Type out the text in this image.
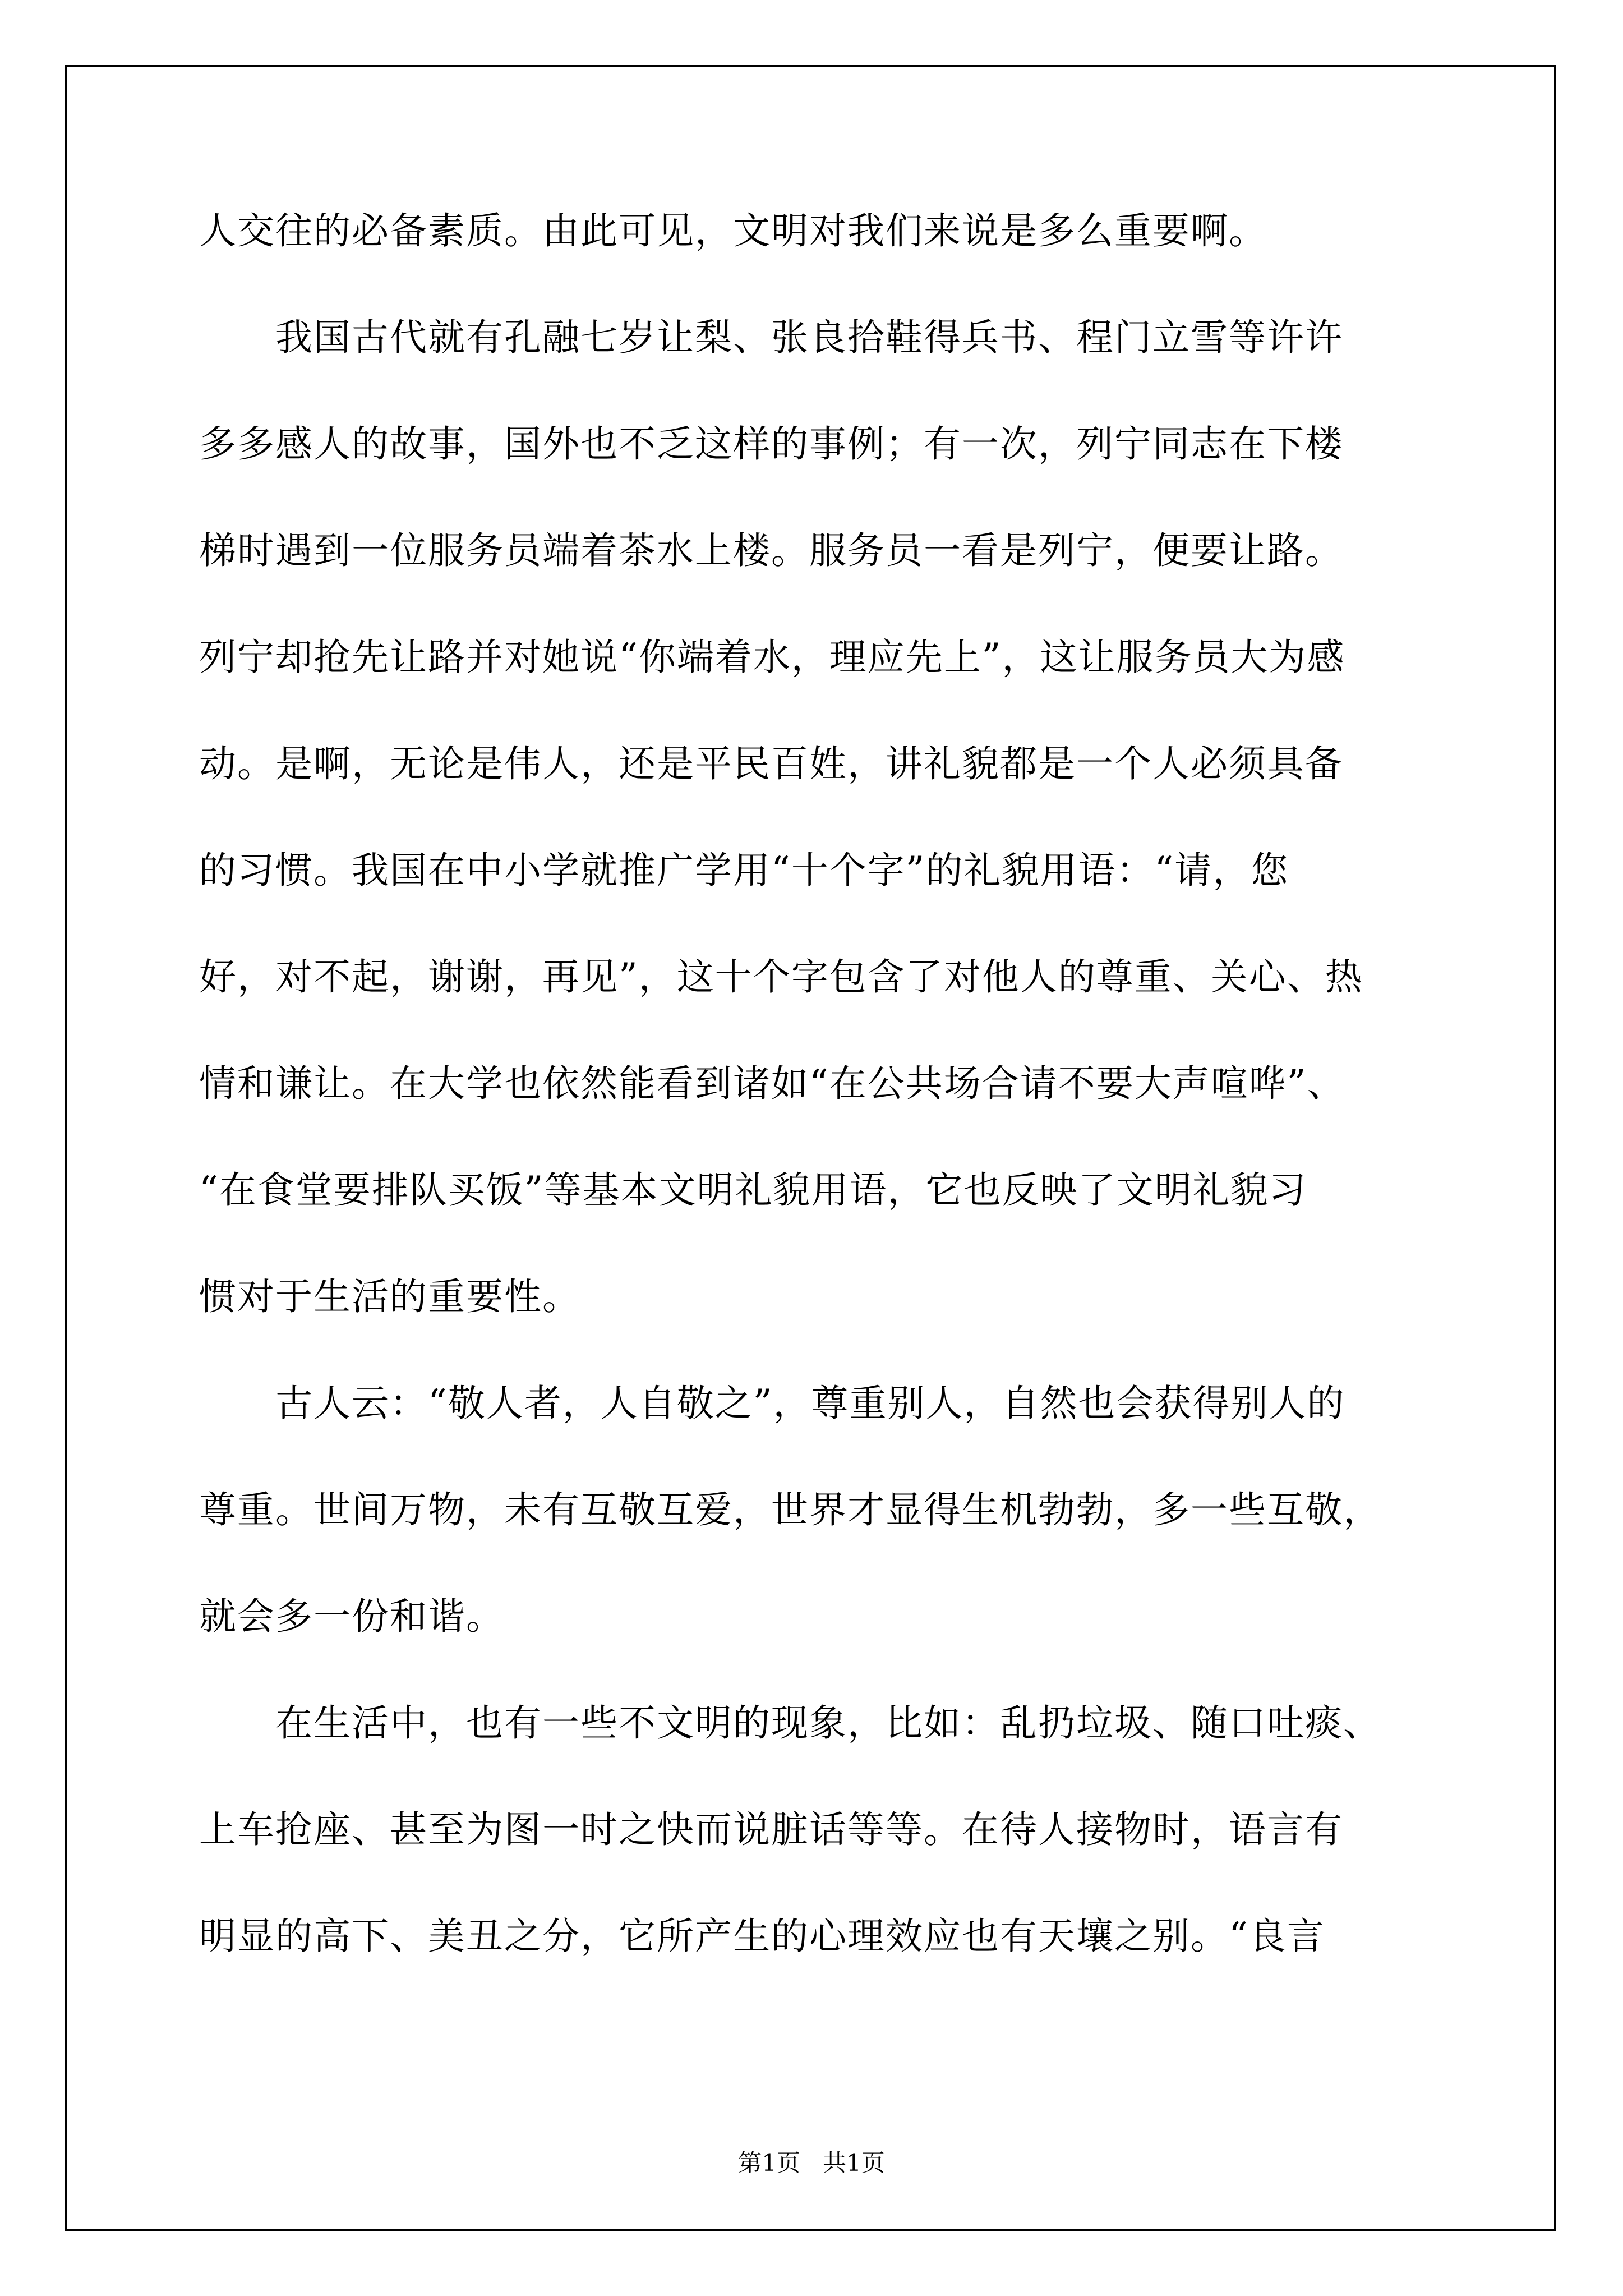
人交往的必备素质。由此可见，文明对我们来说是多么重要啊。
　　我国古代就有孔融七岁让梨、张良拾鞋得兵书、程门立雪等许许
多多感人的故事，国外也不乏这样的事例；有一次，列宁同志在下楼
梯时遇到一位服务员端着茶水上楼。服务员一看是列宁，便要让路。
列宁却抢先让路并对她说“你端着水，理应先上”，这让服务员大为感
动。是啊，无论是伟人，还是平民百姓，讲礼貌都是一个人必须具备
的习惯。我国在中小学就推广学用“十个字”的礼貌用语：“请，您
好，对不起，谢谢，再见”，这十个字包含了对他人的尊重、关心、热
情和谦让。在大学也依然能看到诸如“在公共场合请不要大声喧哗”、
“在食堂要排队买饭”等基本文明礼貌用语，它也反映了文明礼貌习
惯对于生活的重要性。
　　古人云：“敬人者，人自敬之”，尊重别人，自然也会获得别人的
尊重。世间万物，未有互敬互爱，世界才显得生机勃勃，多一些互敬，
就会多一份和谐。
　　在生活中，也有一些不文明的现象，比如：乱扔垃圾、随口吐痰、
上车抢座、甚至为图一时之快而说脏话等等。在待人接物时，语言有
明显的高下、美丑之分，它所产生的心理效应也有天壤之别。“良言
第1页   共1页
